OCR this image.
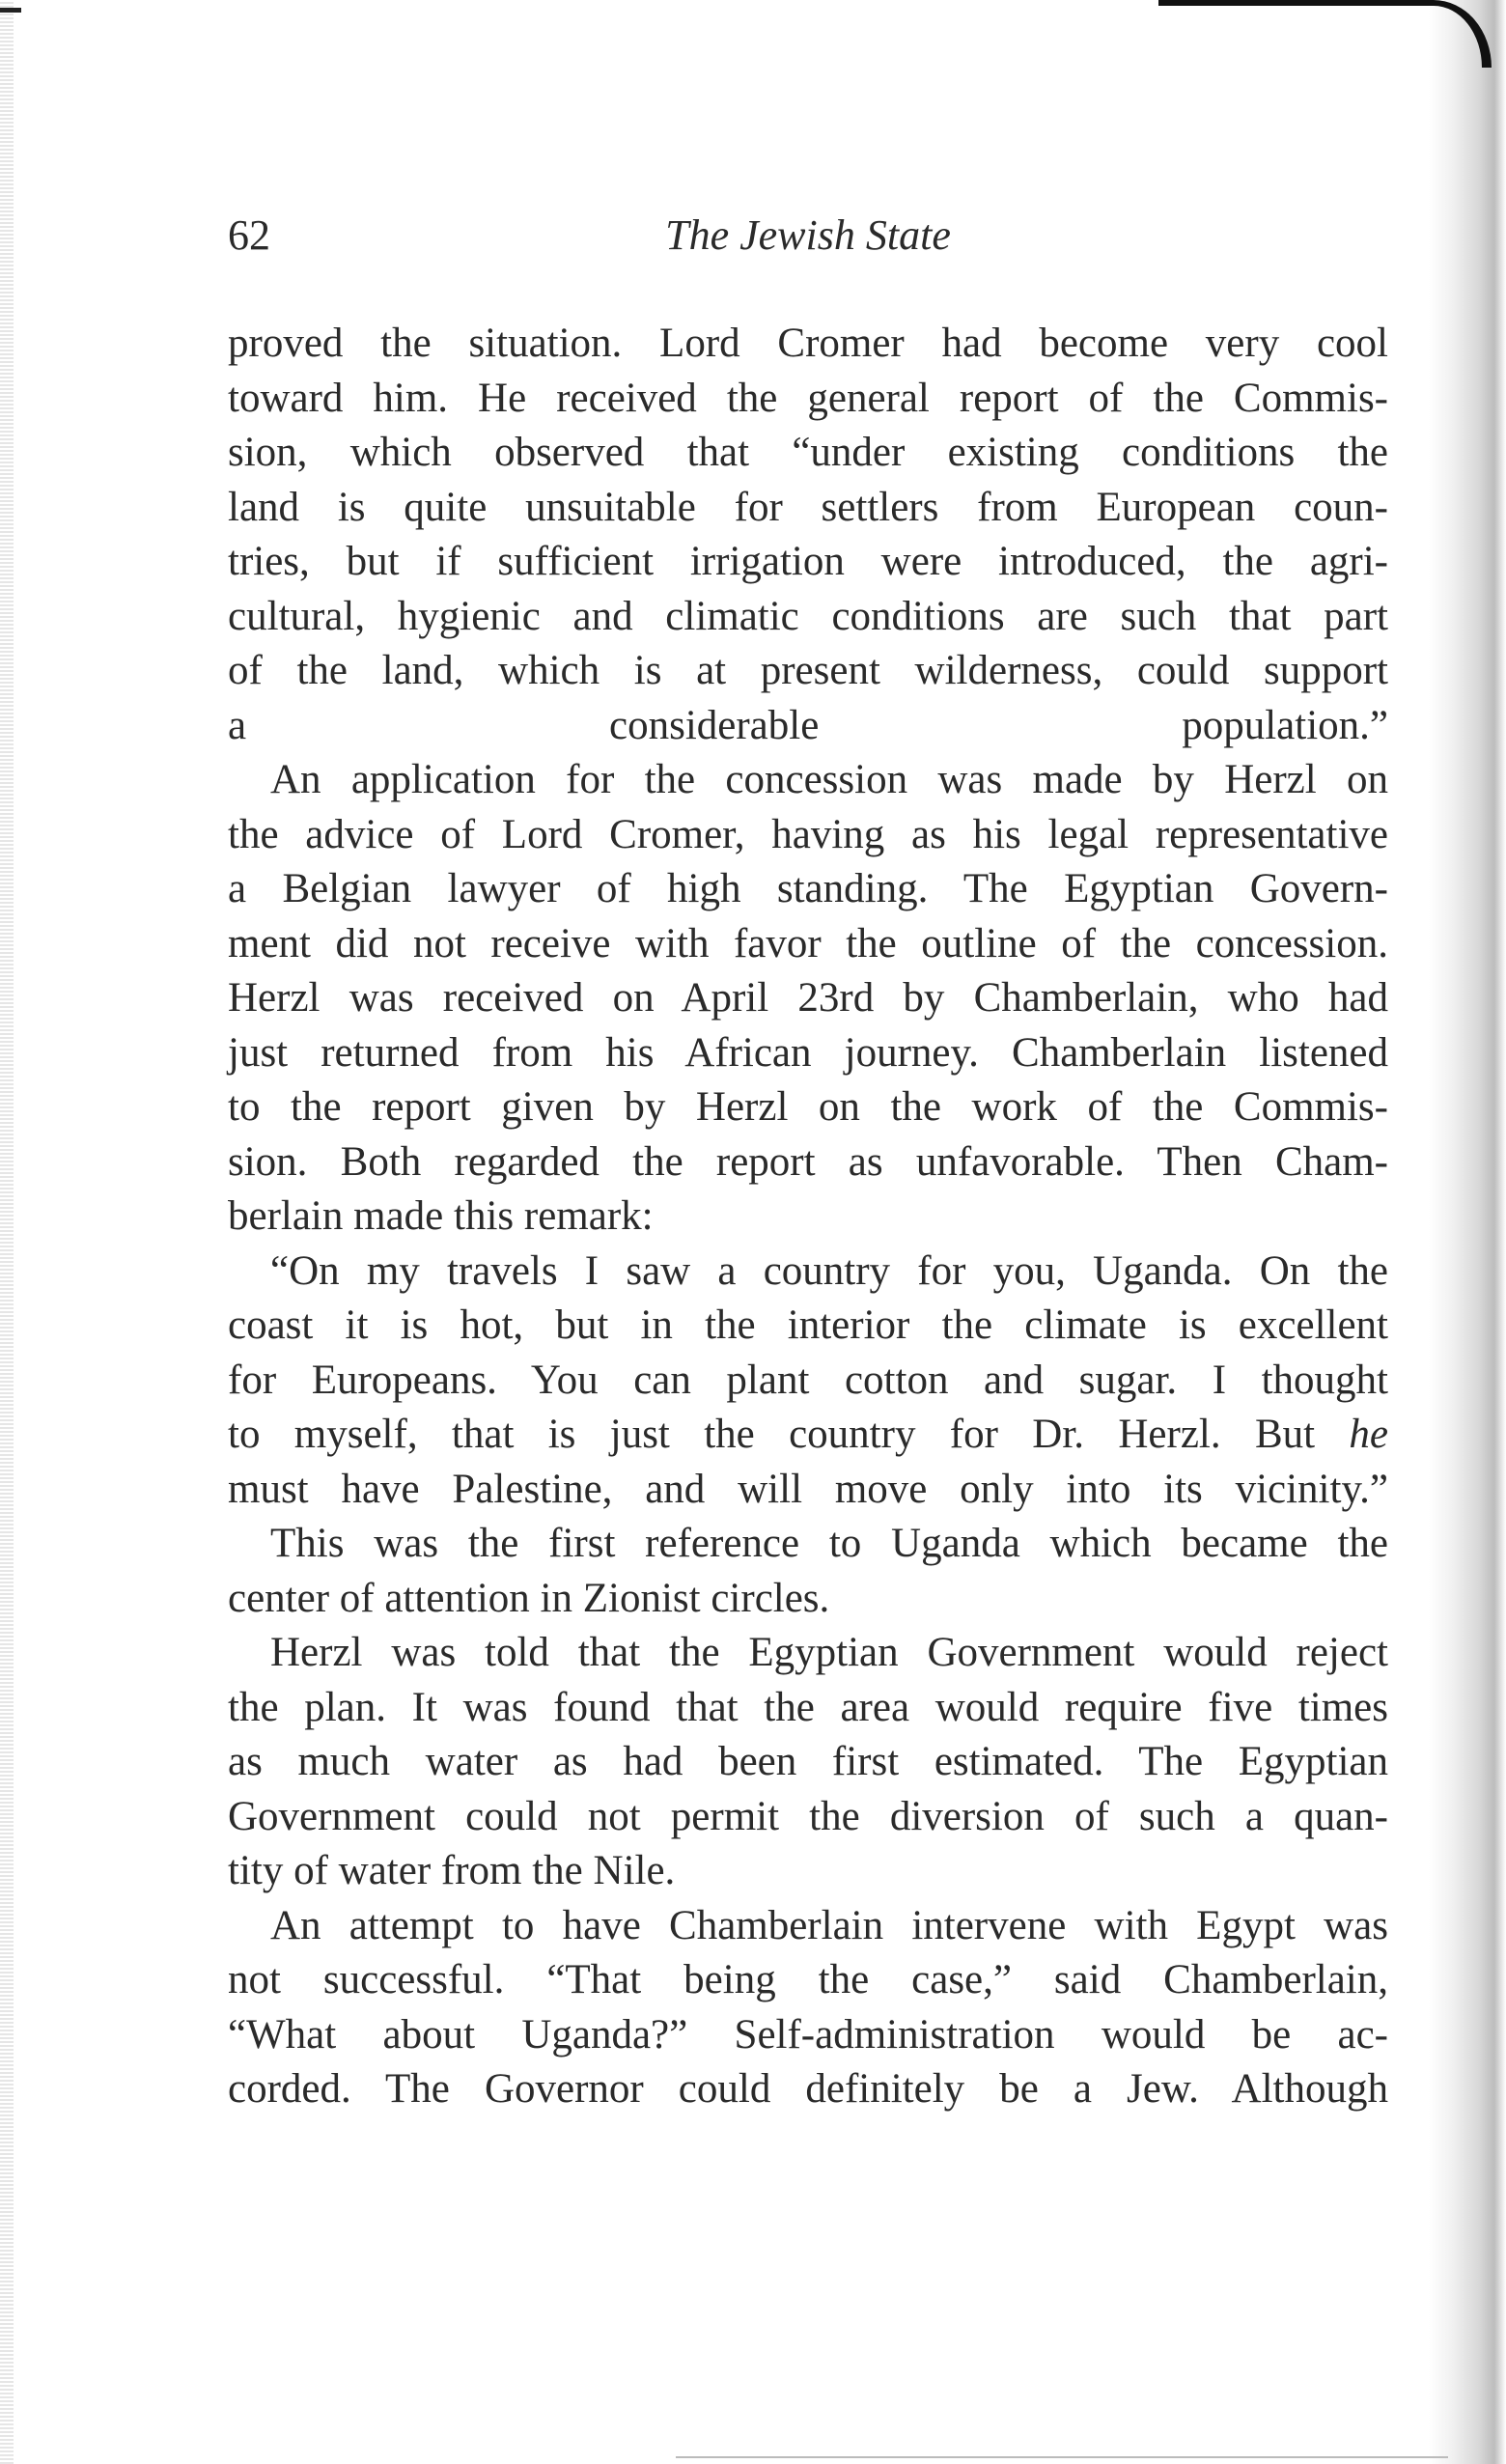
62	The Jewish State
proved the situation. Lord Cromer had become very cool
toward him. He received the general report of the Commis-
sion, which observed that “under existing conditions the
land is quite unsuitable for settlers from European coun-
tries, but if sufficient irrigation were introduced, the agri-
cultural, hygienic and climatic conditions are such that part
of the land, which is at present wilderness, could support
a considerable population.”
An application for the concession was made by Herzl on
the advice of Lord Cromer, having as his legal representative
a Belgian lawyer of high standing. The Egyptian Govern-
ment did not receive with favor the outline of the concession.
Herzl was received on April 23rd by Chamberlain, who had
just returned from his African journey. Chamberlain listened
to the report given by Herzl on the work of the Commis-
sion. Both regarded the report as unfavorable. Then Cham-
berlain made this remark:
“On my travels I saw a country for you, Uganda. On the
coast it is hot, but in the interior the climate is excellent
for Europeans. You can plant cotton and sugar. I thought
to myself, that is just the country for Dr. Herzl. But he
must have Palestine, and will move only into its vicinity.”
This was the first reference to Uganda which became the
center of attention in Zionist circles.
Herzl was told that the Egyptian Government would reject
the plan. It was found that the area would require five times
as much water as had been first estimated. The Egyptian
Government could not permit the diversion of such a quan-
tity of water from the Nile.
An attempt to have Chamberlain intervene with Egypt was
not successful. “That being the case,” said Chamberlain,
“What about Uganda?” Self-administration would be ac-
corded. The Governor could definitely be a Jew. Although
